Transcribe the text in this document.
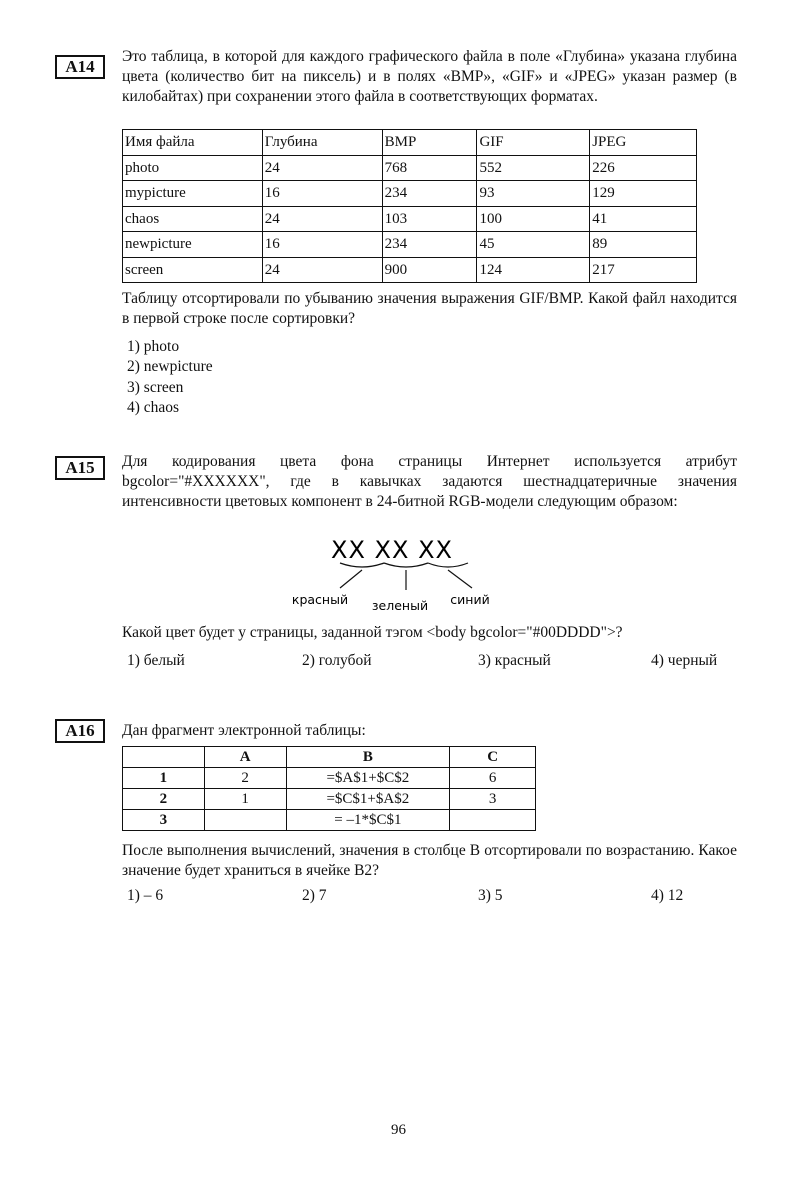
A14

Это таблица, в которой для каждого графического файла в поле «Глубина» указана глубина цвета (количество бит на пиксель) и в полях «BMP», «GIF» и «JPEG» указан размер (в килобайтах) при сохранении этого файла в соответствующих форматах.

Имя файла	Глубина	BMP	GIF	JPEG
photo	24	768	552	226
mypicture	16	234	93	129
chaos	24	103	100	41
newpicture	16	234	45	89
screen	24	900	124	217

Таблицу отсортировали по убыванию значения выражения GIF/BMP. Какой файл находится в первой строке после сортировки?

1) photo
2) newpicture
3) screen
4) chaos
A15	Для кодирования цвета фона страницы Интернет используется атрибут bgcolor="#XXXXXX", где в кавычках задаются шестнадцатеричные значения интенсивности цветовых компонент в 24-битной RGB-модели следующим образом:

XX XX XX
красный зеленый синий

Какой цвет будет у страницы, заданной тэгом <body bgcolor="#00DDDD">?

1) белый	2) голубой	3) красный	4) черный
A16	Дан фрагмент электронной таблицы:

	A	B	C
1	2	=$A$1+$C$2	6
2	1	=$C$1+$A$2	3
3		= –1*$C$1	

После выполнения вычислений, значения в столбце В отсортировали по возрастанию. Какое значение будет храниться в ячейке B2?

1) – 6	2) 7	3) 5	4) 12
96
